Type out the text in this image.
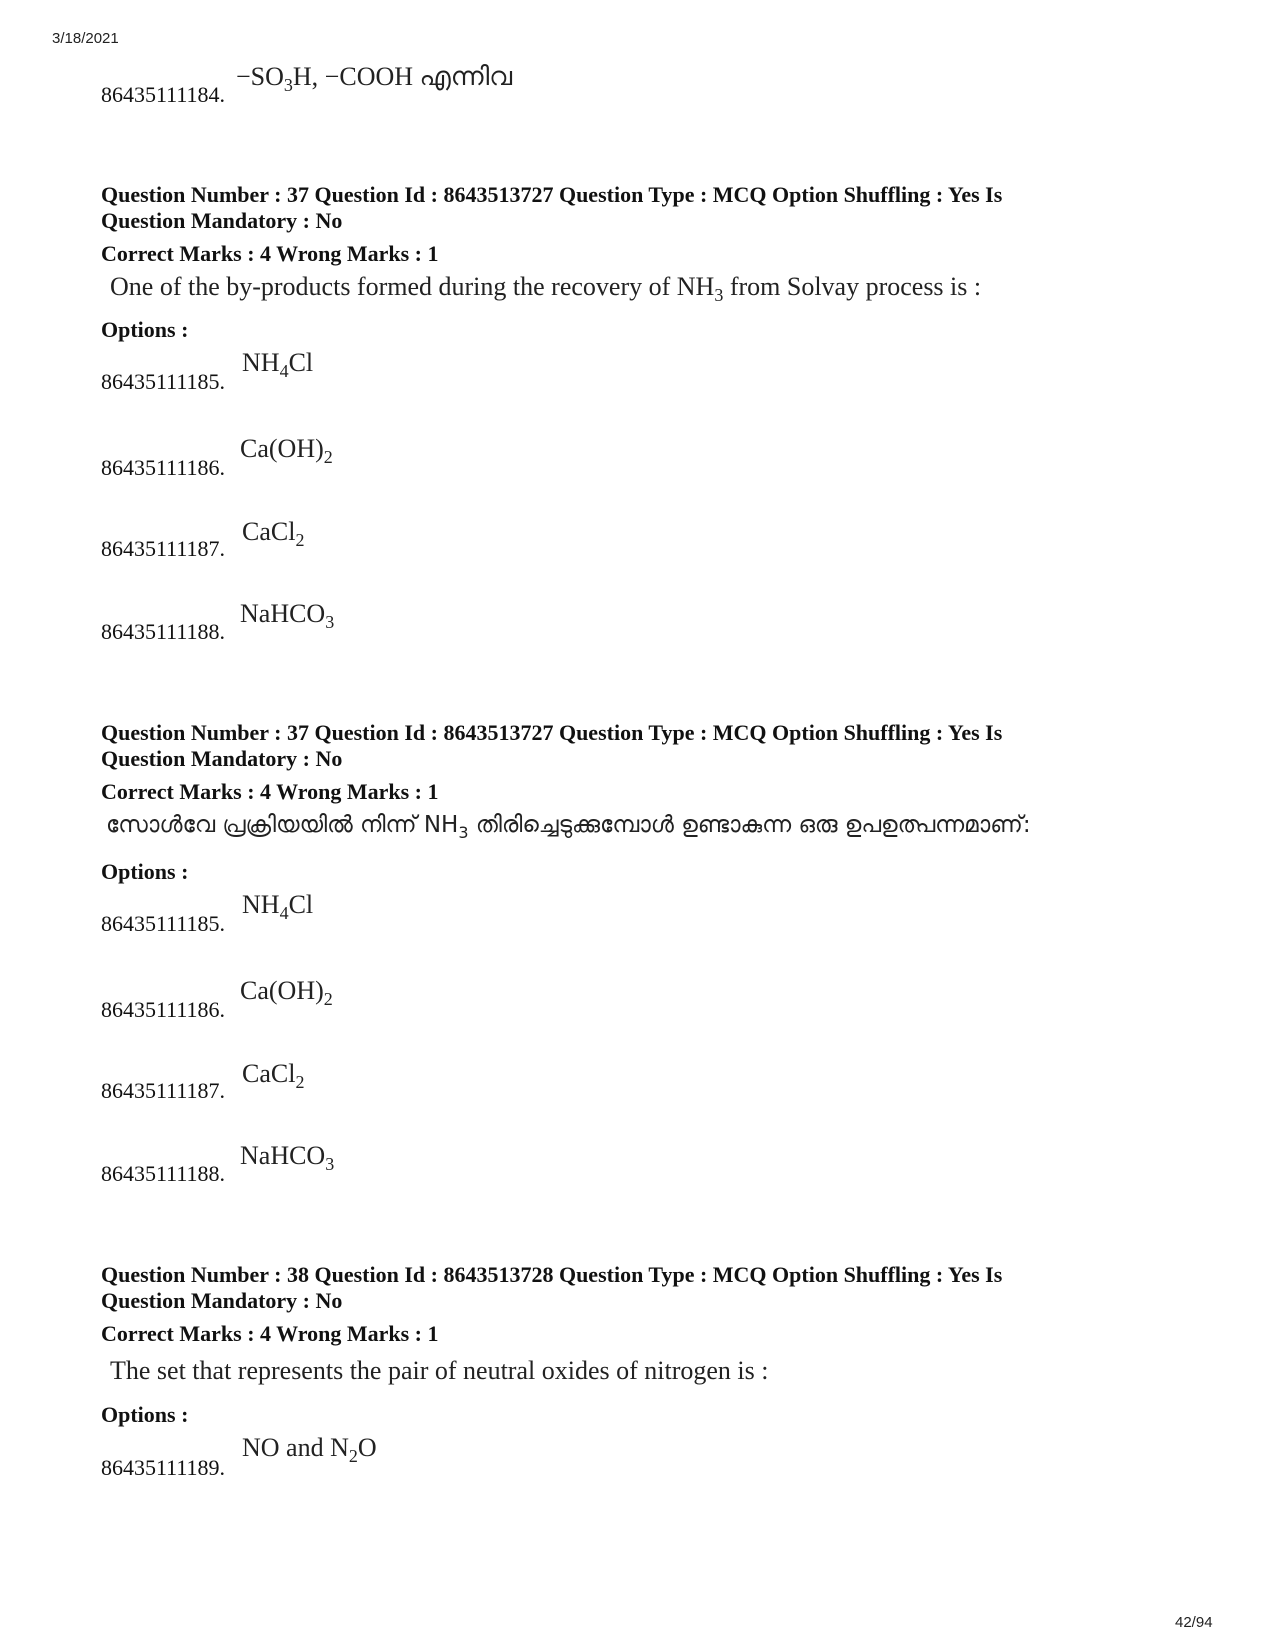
3/18/2021
42/94
86435111184.
$-SO_3H$, −COOH എന്നിവ
Question Number : 37 Question Id : 8643513727 Question Type : MCQ Option Shuffling : Yes Is
Question Mandatory : No
Correct Marks : 4 Wrong Marks : 1
One of the by-products formed during the recovery of $NH_3$ from Solvay process is :
Options :
86435111185.
$NH_4Cl$
86435111186.
$Ca(OH)_2$
86435111187.
CaCl$_2$
86435111188.
NaHCO$_3$
Question Number : 37 Question Id : 8643513727 Question Type : MCQ Option Shuffling : Yes Is
Question Mandatory : No
Correct Marks : 4 Wrong Marks : 1
സോൾവേ പ്രക്രിയയിൽ നിന്ന് $NH_3$ തിരിച്ചെടുക്കുമ്പോൾ ഉണ്ടാകുന്ന ഒരു ഉപഉത്പന്നമാണ്:
Options :
86435111185.
$NH_4Cl$
86435111186.
$Ca(OH)_2$
86435111187.
CaCl$_2$
86435111188.
NaHCO$_3$
Question Number : 38 Question Id : 8643513728 Question Type : MCQ Option Shuffling : Yes Is
Question Mandatory : No
Correct Marks : 4 Wrong Marks : 1
The set that represents the pair of neutral oxides of nitrogen is :
Options :
86435111189.
NO and $N_2O$
